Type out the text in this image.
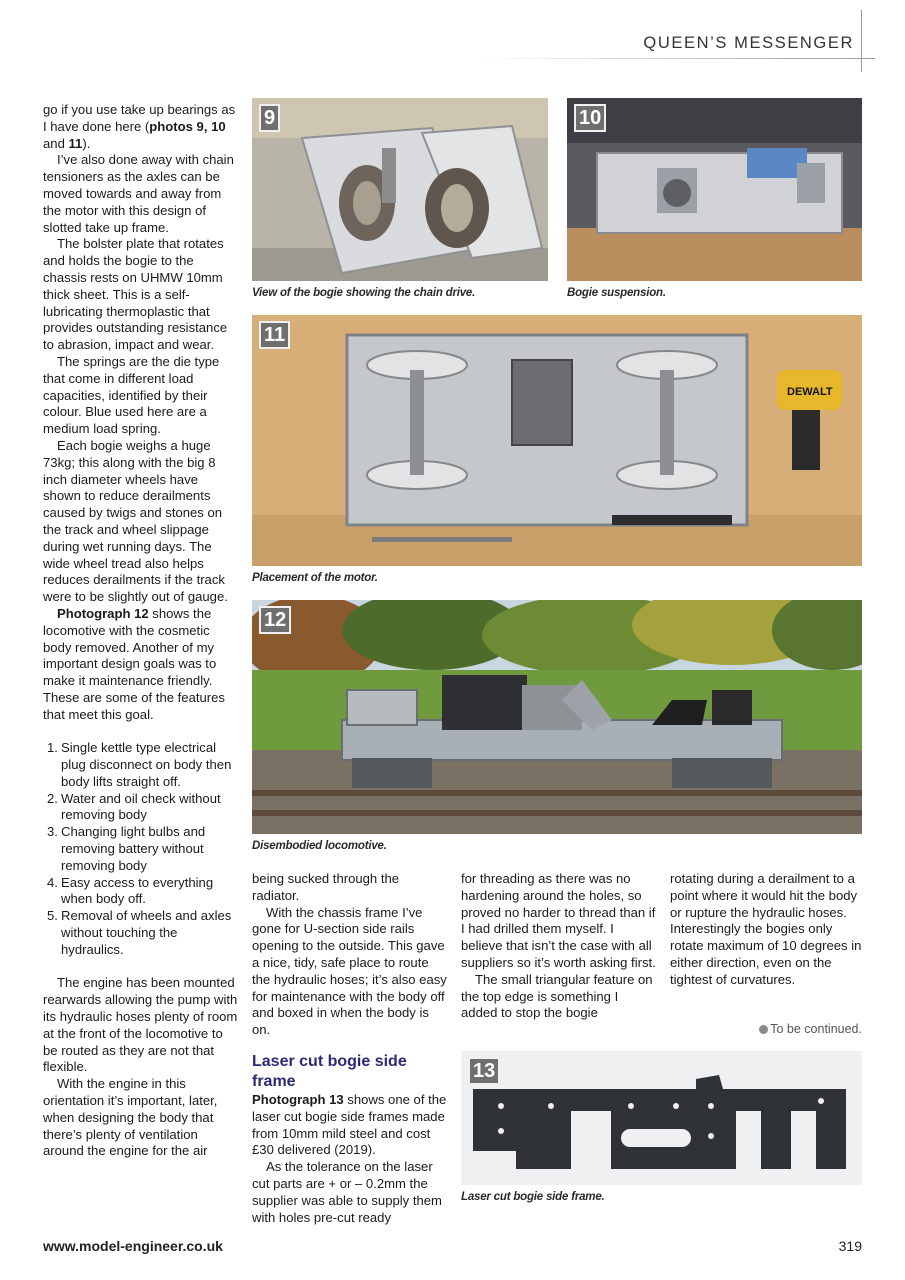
QUEEN’S MESSENGER

go if you use take up bearings as I have done here (photos 9, 10 and 11).

I’ve also done away with chain tensioners as the axles can be moved towards and away from the motor with this design of slotted take up frame.

The bolster plate that rotates and holds the bogie to the chassis rests on UHMW 10mm thick sheet. This is a self- lubricating thermoplastic that provides outstanding resistance to abrasion, impact and wear.

The springs are the die type that come in different load capacities, identified by their colour. Blue used here are a medium load spring.

Each bogie weighs a huge 73kg; this along with the big 8 inch diameter wheels have shown to reduce derailments caused by twigs and stones on the track and wheel slippage during wet running days. The wide wheel tread also helps reduces derailments if the track were to be slightly out of gauge.

Photograph 12 shows the locomotive with the cosmetic body removed. Another of my important design goals was to make it maintenance friendly. These are some of the features that meet this goal.

1. Single kettle type electrical plug disconnect on body then body lifts straight off.
2. Water and oil check without removing body
3. Changing light bulbs and removing battery without removing body
4. Easy access to everything when body off.
5. Removal of wheels and axles without touching the hydraulics.

The engine has been mounted rearwards allowing the pump with its hydraulic hoses plenty of room at the front of the locomotive to be routed as they are not that flexible.

With the engine in this orientation it’s important, later, when designing the body that there’s plenty of ventilation around the engine for the air

9
View of the bogie showing the chain drive.
10
Bogie suspension.
DEWALT
11
Placement of the motor.
12
Disembodied locomotive.

being sucked through the radiator.

With the chassis frame I’ve gone for U-section side rails opening to the outside. This gave a nice, tidy, safe place to route the hydraulic hoses; it’s also easy for maintenance with the body off and boxed in when the body is on.

Laser cut bogie side frame

Photograph 13 shows one of the laser cut bogie side frames made from 10mm mild steel and cost £30 delivered (2019).

As the tolerance on the laser cut parts are + or – 0.2mm the supplier was able to supply them with holes pre-cut ready

for threading as there was no hardening around the holes, so proved no harder to thread than if I had drilled them myself. I believe that isn’t the case with all suppliers so it’s worth asking first.

The small triangular feature on the top edge is something I added to stop the bogie

rotating during a derailment to a point where it would hit the body or rupture the hydraulic hoses. Interestingly the bogies only rotate maximum of 10 degrees in either direction, even on the tightest of curvatures.

To be continued.
13
Laser cut bogie side frame.
www.model-engineer.co.uk	319
